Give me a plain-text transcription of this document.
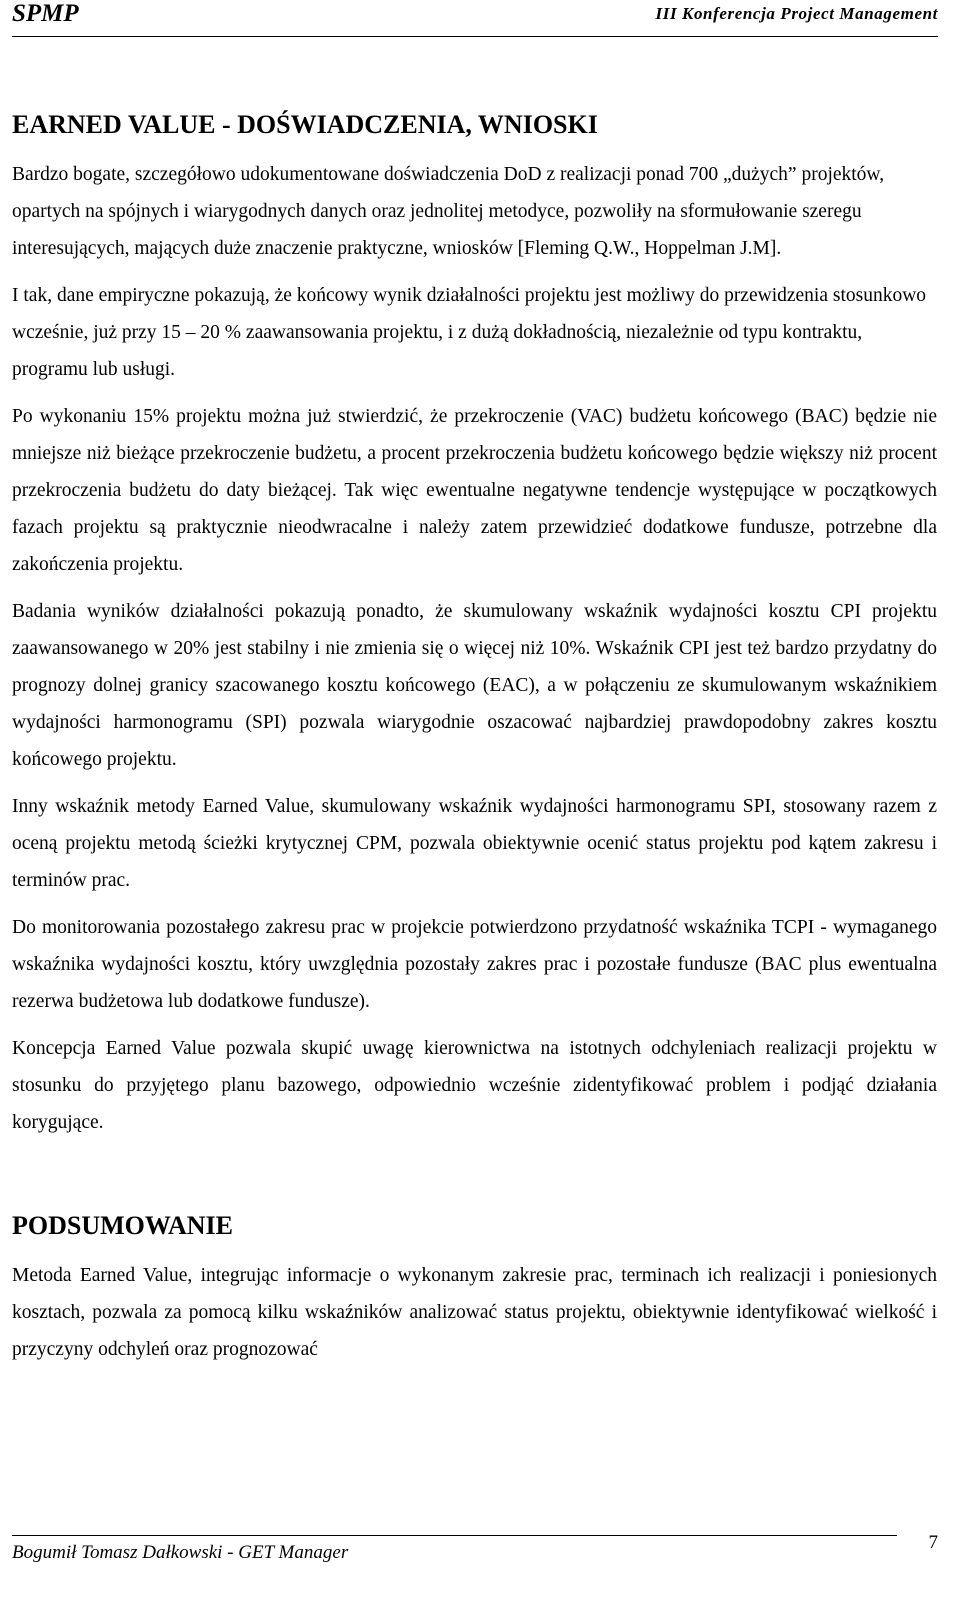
SPMP	III Konferencja Project Management
EARNED VALUE - DOŚWIADCZENIA, WNIOSKI

Bardzo bogate, szczegółowo udokumentowane doświadczenia DoD z realizacji ponad 700 „dużych” projektów, opartych na spójnych i wiarygodnych danych oraz jednolitej metodyce, pozwoliły na sformułowanie szeregu interesujących, mających duże znaczenie praktyczne, wniosków [Fleming Q.W., Hoppelman J.M].

I tak, dane empiryczne pokazują, że końcowy wynik działalności projektu jest możliwy do przewidzenia stosunkowo wcześnie, już przy 15 – 20 % zaawansowania projektu, i z dużą dokładnością, niezależnie od typu kontraktu, programu lub usługi.

Po wykonaniu 15% projektu można już stwierdzić, że przekroczenie (VAC) budżetu końcowego (BAC) będzie nie mniejsze niż bieżące przekroczenie budżetu, a procent przekroczenia budżetu końcowego będzie większy niż procent przekroczenia budżetu do daty bieżącej. Tak więc ewentualne negatywne tendencje występujące w początkowych fazach projektu są praktycznie nieodwracalne i należy zatem przewidzieć dodatkowe fundusze, potrzebne dla zakończenia projektu.

Badania wyników działalności pokazują ponadto, że skumulowany wskaźnik wydajności kosztu CPI projektu zaawansowanego w 20% jest stabilny i nie zmienia się o więcej niż 10%. Wskaźnik CPI jest też bardzo przydatny do prognozy dolnej granicy szacowanego kosztu końcowego (EAC), a w połączeniu ze skumulowanym wskaźnikiem wydajności harmonogramu (SPI) pozwala wiarygodnie oszacować najbardziej prawdopodobny zakres kosztu końcowego projektu.

Inny wskaźnik metody Earned Value, skumulowany wskaźnik wydajności harmonogramu SPI, stosowany razem z oceną projektu metodą ścieżki krytycznej CPM, pozwala obiektywnie ocenić status projektu pod kątem zakresu i terminów prac.

Do monitorowania pozostałego zakresu prac w projekcie potwierdzono przydatność wskaźnika TCPI - wymaganego wskaźnika wydajności kosztu, który uwzględnia pozostały zakres prac i pozostałe fundusze (BAC plus ewentualna rezerwa budżetowa lub dodatkowe fundusze).

Koncepcja Earned Value pozwala skupić uwagę kierownictwa na istotnych odchyleniach realizacji projektu w stosunku do przyjętego planu bazowego, odpowiednio wcześnie zidentyfikować problem i podjąć działania korygujące.

PODSUMOWANIE

Metoda Earned Value, integrując informacje o wykonanym zakresie prac, terminach ich realizacji i poniesionych kosztach, pozwala za pomocą kilku wskaźników analizować status projektu, obiektywnie identyfikować wielkość i przyczyny odchyleń oraz prognozować

Bogumił Tomasz Dałkowski - GET Manager	7
